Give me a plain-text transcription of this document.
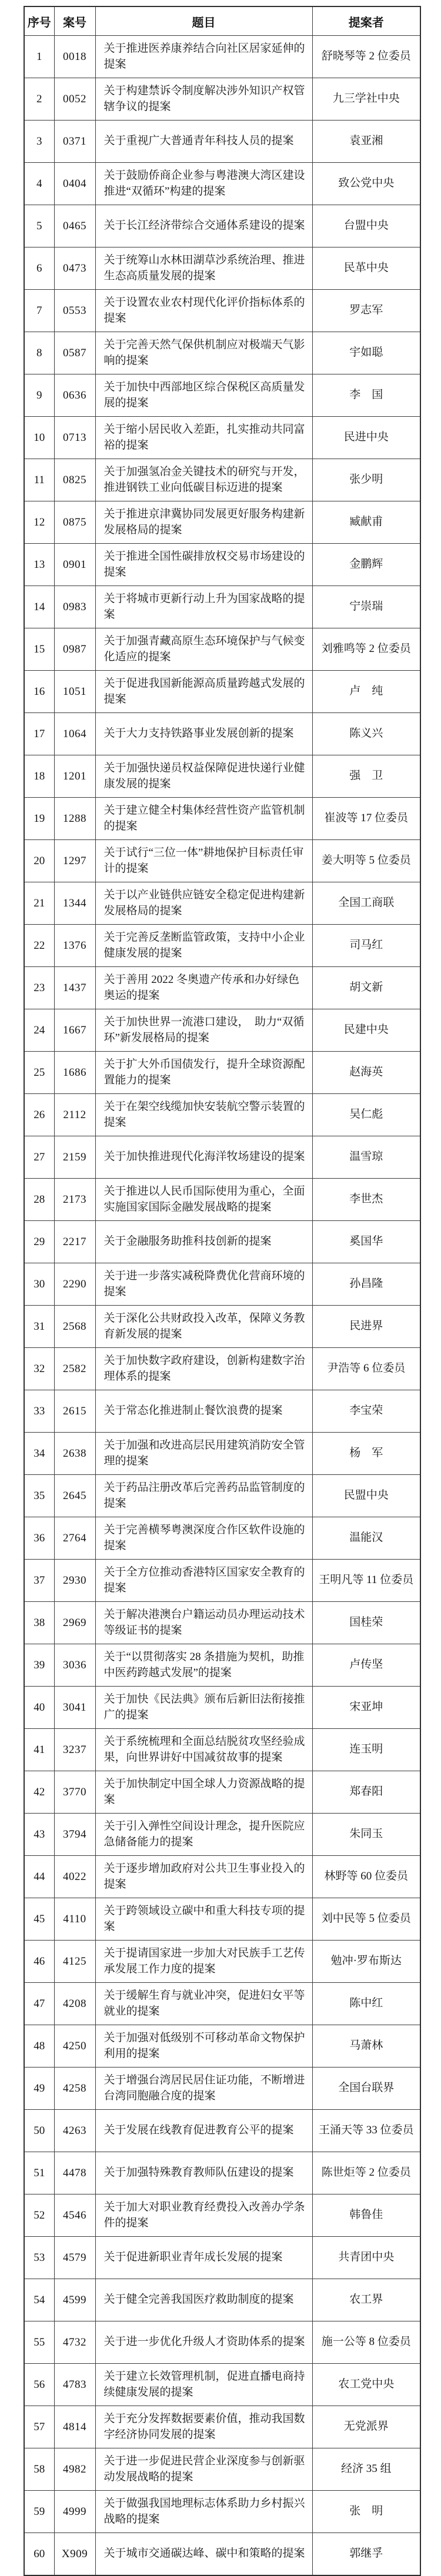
序号	案号	题目	提案者
1	0018	关于推进医养康养结合向社区居家延伸的提案	舒晓琴等 2 位委员
2	0052	关于构建禁诉令制度解决涉外知识产权管辖争议的提案	九三学社中央
3	0371	关于重视广大普通青年科技人员的提案	袁亚湘
4	0404	关于鼓励侨商企业参与粤港澳大湾区建设推进“双循环”构建的提案	致公党中央
5	0465	关于长江经济带综合交通体系建设的提案	台盟中央
6	0473	关于统筹山水林田湖草沙系统治理、推进生态高质量发展的提案	民革中央
7	0553	关于设置农业农村现代化评价指标体系的提案	罗志军
8	0587	关于完善天然气保供机制应对极端天气影响的提案	宇如聪
9	0636	关于加快中西部地区综合保税区高质量发展的提案	李　国
10	0713	关于缩小居民收入差距，扎实推动共同富裕的提案	民进中央
11	0825	关于加强氢冶金关键技术的研究与开发，推进钢铁工业向低碳目标迈进的提案	张少明
12	0875	关于推进京津冀协同发展更好服务构建新发展格局的提案	臧献甫
13	0901	关于推进全国性碳排放权交易市场建设的提案	金鹏辉
14	0983	关于将城市更新行动上升为国家战略的提案	宁崇瑞
15	0987	关于加强青藏高原生态环境保护与气候变化适应的提案	刘雅鸣等 2 位委员
16	1051	关于促进我国新能源高质量跨越式发展的提案	卢　纯
17	1064	关于大力支持铁路事业发展创新的提案	陈义兴
18	1201	关于加强快递员权益保障促进快递行业健康发展的提案	强　卫
19	1288	关于建立健全村集体经营性资产监管机制的提案	崔波等 17 位委员
20	1297	关于试行“三位一体”耕地保护目标责任审计的提案	姜大明等 5 位委员
21	1344	关于以产业链供应链安全稳定促进构建新发展格局的提案	全国工商联
22	1376	关于完善反垄断监管政策，支持中小企业健康发展的提案	司马红
23	1437	关于善用 2022 冬奥遗产传承和办好绿色奥运的提案	胡文新
24	1667	关于加快世界一流港口建设，　助力“双循环”新发展格局的提案	民建中央
25	1686	关于扩大外币国债发行，提升全球资源配置能力的提案	赵海英
26	2112	关于在架空线缆加快安装航空警示装置的提案	吴仁彪
27	2159	关于加快推进现代化海洋牧场建设的提案	温雪琼
28	2173	关于推进以人民币国际使用为重心，全面实施国家国际金融发展战略的提案	李世杰
29	2217	关于金融服务助推科技创新的提案	奚国华
30	2290	关于进一步落实减税降费优化营商环境的提案	孙昌隆
31	2568	关于深化公共财政投入改革，保障义务教育新发展的提案	民进界
32	2582	关于加快数字政府建设，创新构建数字治理体系的提案	尹浩等 6 位委员
33	2615	关于常态化推进制止餐饮浪费的提案	李宝荣
34	2638	关于加强和改进高层民用建筑消防安全管理的提案	杨　军
35	2645	关于药品注册改革后完善药品监管制度的提案	民盟中央
36	2764	关于完善横琴粤澳深度合作区软件设施的提案	温能汉
37	2930	关于全方位推动香港特区国家安全教育的提案	王明凡等 11 位委员
38	2969	关于解决港澳台户籍运动员办理运动技术等级证书的提案	国桂荣
39	3036	关于“以贯彻落实 28 条措施为契机，助推中医药跨越式发展”的提案	卢传坚
40	3041	关于加快《民法典》颁布后新旧法衔接推广的提案	宋亚坤
41	3237	关于系统梳理和全面总结脱贫攻坚经验成果，向世界讲好中国减贫故事的提案	连玉明
42	3770	关于加快制定中国全球人力资源战略的提案	郑春阳
43	3794	关于引入弹性空间设计理念，提升医院应急储备能力的提案	朱同玉
44	4022	关于逐步增加政府对公共卫生事业投入的提案	林野等 60 位委员
45	4110	关于跨领域设立碳中和重大科技专项的提案	刘中民等 5 位委员
46	4125	关于提请国家进一步加大对民族手工艺传承发展工作力度的提案	勉冲·罗布斯达
47	4208	关于缓解生育与就业冲突，促进妇女平等就业的提案	陈中红
48	4250	关于加强对低级别不可移动革命文物保护利用的提案	马萧林
49	4258	关于增强台湾居民居住证功能，不断增进台湾同胞融合度的提案	全国台联界
50	4263	关于发展在线教育促进教育公平的提案	王涌天等 33 位委员
51	4478	关于加强特殊教育教师队伍建设的提案	陈世炬等 2 位委员
52	4546	关于加大对职业教育经费投入改善办学条件的提案	韩鲁佳
53	4579	关于促进新职业青年成长发展的提案	共青团中央
54	4599	关于健全完善我国医疗救助制度的提案	农工界
55	4732	关于进一步优化升级人才资助体系的提案	施一公等 8 位委员
56	4783	关于建立长效管理机制，促进直播电商持续健康发展的提案	农工党中央
57	4814	关于充分发挥数据要素价值，推动我国数字经济协同发展的提案	无党派界
58	4982	关于进一步促进民营企业深度参与创新驱动发展战略的提案	经济 35 组
59	4999	关于做强我国地理标志体系助力乡村振兴战略的提案	张　明
60	X909	关于城市交通碳达峰、碳中和策略的提案	郭继孚
